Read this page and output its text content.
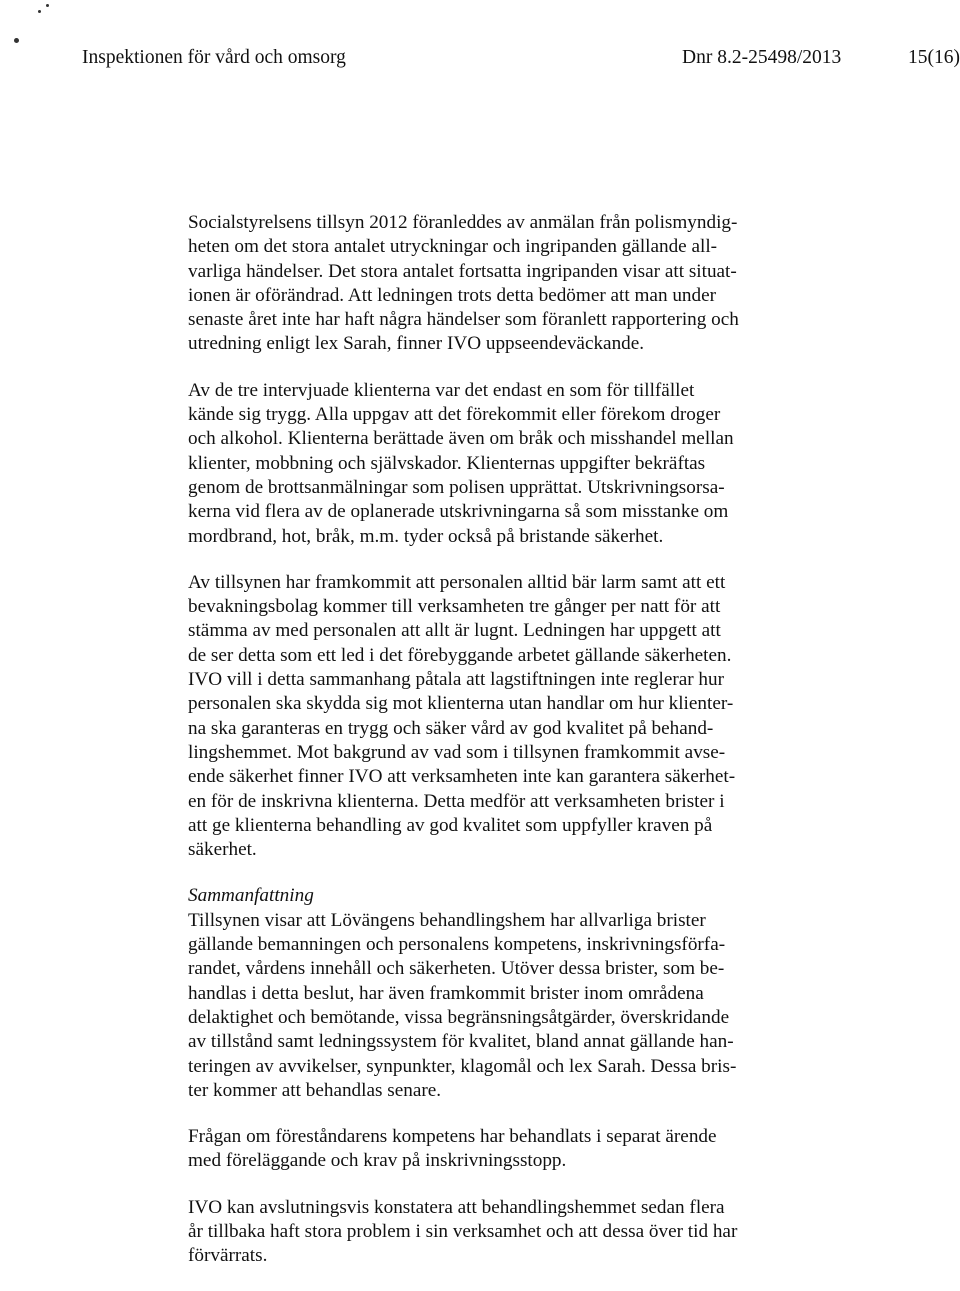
Inspektionen för vård och omsorg	Dnr 8.2-25498/2013	15(16)
Socialstyrelsens tillsyn 2012 föranleddes av anmälan från polismyndig-
heten om det stora antalet utryckningar och ingripanden gällande all-
varliga händelser. Det stora antalet fortsatta ingripanden visar att situat-
ionen är oförändrad. Att ledningen trots detta bedömer att man under
senaste året inte har haft några händelser som föranlett rapportering och
utredning enligt lex Sarah, finner IVO uppseendeväckande.
Av de tre intervjuade klienterna var det endast en som för tillfället
kände sig trygg. Alla uppgav att det förekommit eller förekom droger
och alkohol. Klienterna berättade även om bråk och misshandel mellan
klienter, mobbning och självskador. Klienternas uppgifter bekräftas
genom de brottsanmälningar som polisen upprättat. Utskrivningsorsa-
kerna vid flera av de oplanerade utskrivningarna så som misstanke om
mordbrand, hot, bråk, m.m. tyder också på bristande säkerhet.
Av tillsynen har framkommit att personalen alltid bär larm samt att ett
bevakningsbolag kommer till verksamheten tre gånger per natt för att
stämma av med personalen att allt är lugnt. Ledningen har uppgett att
de ser detta som ett led i det förebyggande arbetet gällande säkerheten.
IVO vill i detta sammanhang påtala att lagstiftningen inte reglerar hur
personalen ska skydda sig mot klienterna utan handlar om hur klienter-
na ska garanteras en trygg och säker vård av god kvalitet på behand-
lingshemmet. Mot bakgrund av vad som i tillsynen framkommit avse-
ende säkerhet finner IVO att verksamheten inte kan garantera säkerhet-
en för de inskrivna klienterna. Detta medför att verksamheten brister i
att ge klienterna behandling av god kvalitet som uppfyller kraven på
säkerhet.
Sammanfattning
Tillsynen visar att Lövängens behandlingshem har allvarliga brister
gällande bemanningen och personalens kompetens, inskrivningsförfa-
randet, vårdens innehåll och säkerheten. Utöver dessa brister, som be-
handlas i detta beslut, har även framkommit brister inom områdena
delaktighet och bemötande, vissa begränsningsåtgärder, överskridande
av tillstånd samt ledningssystem för kvalitet, bland annat gällande han-
teringen av avvikelser, synpunkter, klagomål och lex Sarah. Dessa bris-
ter kommer att behandlas senare.
Frågan om föreståndarens kompetens har behandlats i separat ärende
med föreläggande och krav på inskrivningsstopp.
IVO kan avslutningsvis konstatera att behandlingshemmet sedan flera
år tillbaka haft stora problem i sin verksamhet och att dessa över tid har
förvärrats.
